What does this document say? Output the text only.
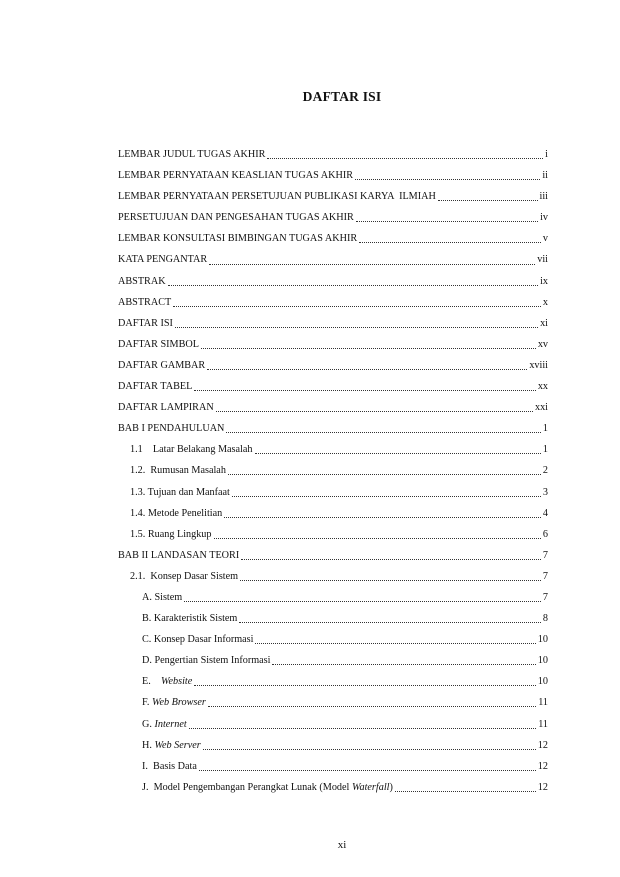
DAFTAR ISI
LEMBAR JUDUL TUGAS AKHIR	i
LEMBAR PERNYATAAN KEASLIAN TUGAS AKHIR	ii
LEMBAR PERNYATAAN PERSETUJUAN PUBLIKASI KARYA  ILMIAH	iii
PERSETUJUAN DAN PENGESAHAN TUGAS AKHIR	iv
LEMBAR KONSULTASI BIMBINGAN TUGAS AKHIR	v
KATA PENGANTAR	vii
ABSTRAK	ix
ABSTRACT	x
DAFTAR ISI	xi
DAFTAR SIMBOL	xv
DAFTAR GAMBAR	xviii
DAFTAR TABEL	xx
DAFTAR LAMPIRAN	xxi
BAB I PENDAHULUAN	1
1.1    Latar Belakang Masalah	1
1.2.  Rumusan Masalah	2
1.3. Tujuan dan Manfaat	3
1.4. Metode Penelitian	4
1.5. Ruang Lingkup	6
BAB II LANDASAN TEORI	7
2.1.  Konsep Dasar Sistem	7
A. Sistem	7
B. Karakteristik Sistem	8
C. Konsep Dasar Informasi	10
D. Pengertian Sistem Informasi	10
E.    Website	10
F. Web Browser	11
G. Internet	11
H. Web Server	12
I.  Basis Data	12
J.  Model Pengembangan Perangkat Lunak (Model Waterfall)	12
xi
